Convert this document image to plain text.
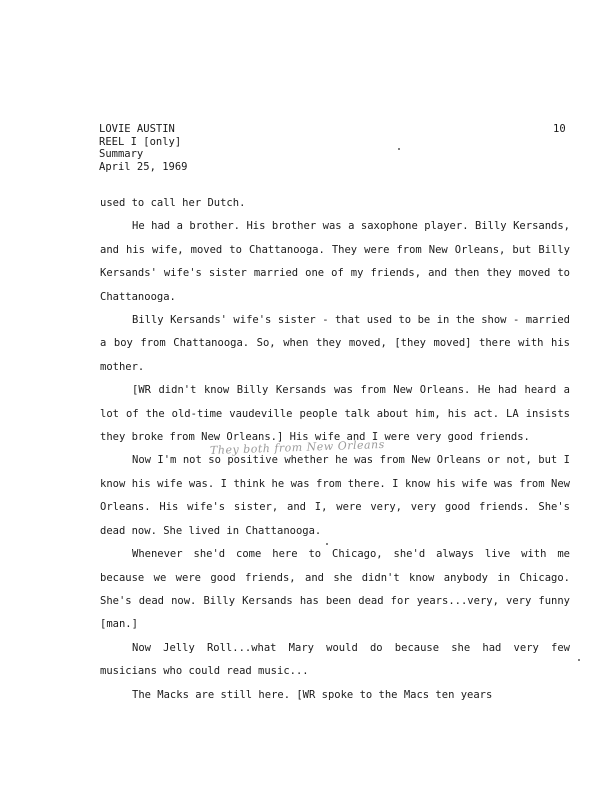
LOVIE AUSTIN
REEL I [only]
Summary
April 25, 1969
10

used to call her Dutch.

He had a brother. His brother was a saxophone player. Billy Kersands, and his wife, moved to Chattanooga. They were from New Orleans, but Billy Kersands' wife's sister married one of my friends, and then they moved to Chattanooga.

Billy Kersands' wife's sister - that used to be in the show - married a boy from Chattanooga. So, when they moved, [they moved] there with his mother.

[WR didn't know Billy Kersands was from New Orleans. He had heard a lot of the old-time vaudeville people talk about him, his act. LA insists they broke from New Orleans.] His wife and I were very good friends.

Now I'm not so positive whether he was from New Orleans or not, but I know his wife was. I think he was from there. I know his wife was from New Orleans. His wife's sister, and I, were very, very good friends. She's dead now. She lived in Chattanooga.

Whenever she'd come here to Chicago, she'd always live with me because we were good friends, and she didn't know anybody in Chicago. She's dead now. Billy Kersands has been dead for years...very, very funny [man.]

Now Jelly Roll...what Mary would do because she had very few musicians who could read music...

The Macks are still here. [WR spoke to the Macs ten years

They both from New Orleans
